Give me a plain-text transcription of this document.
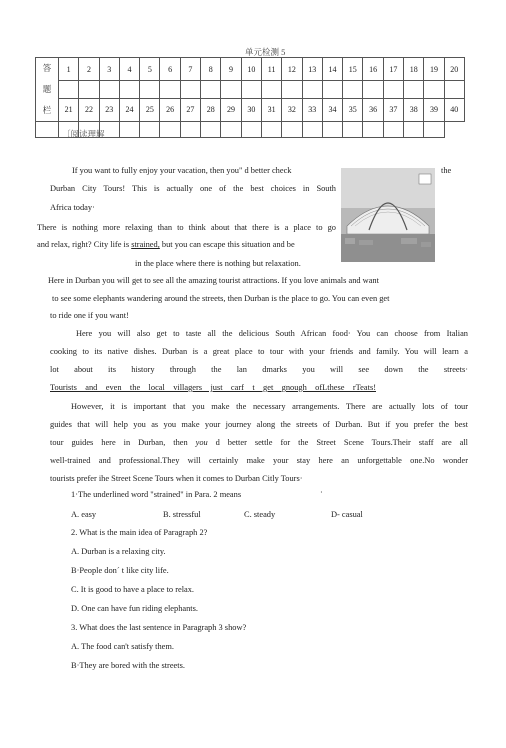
单元检测 5
答
题
栏	1	2	3	4	5	6	7	8	9	10	11	12	13	14	15	16	17	18	19	20

	21	22	23	24	25	26	27	28	29	30	31	32	33	34	35	36	37	38	39	40

〔阅读理解
If you want to fully enjoy your vacation, then you" d better check	the
Durban City Tours! This is actually one of the best choices in South
Africa today·
There is nothing more relaxing than to think about that there is a place to go
and relax, right? City life is strained, but you can escape this situation and be
in the place where there is nothing but relaxation.
Here in Durban you will get to see all the amazing tourist attractions. If you love animals and want
to see some elephants wandering around the streets, then Durban is the place to go. You can even get
to ride one if you want!
Here you will also get to taste all the delicious South African food· You can choose from Italian
cooking to its native dishes. Durban is a great place to tour with your friends and family. You will learn a
lot about its history through the lan dmarks you will see down the streets·
Tourists and even the local villagers just carf t get gnough ofLthese rTeats!
However, it is important that you make the necessary arrangements. There are actually lots of tour
guides that will help you as you make your journey along the streets of Durban. But if you prefer the best
tour guides here in Durban, then you d better settle for the Street Scene Tours.Their staff are all
well-trained and professional.They will certainly make your stay here an unforgettable one.No wonder
tourists prefer ihe Street Scene Tours when it comes to Durban Citly Tours·
1·The underlined word "strained" in Para. 2 means	·
A. easy	B. stressful	C. steady	D- casual
2. What is the main idea of Paragraph 2?
A. Durban is a relaxing city.
B·People don´ t like city life.
C. It is good to have a place to relax.
D. One can have fun riding elephants.
3. What does the last sentence in Paragraph 3 show?
A. The food can't satisfy them.
B·They are bored with the streets.
